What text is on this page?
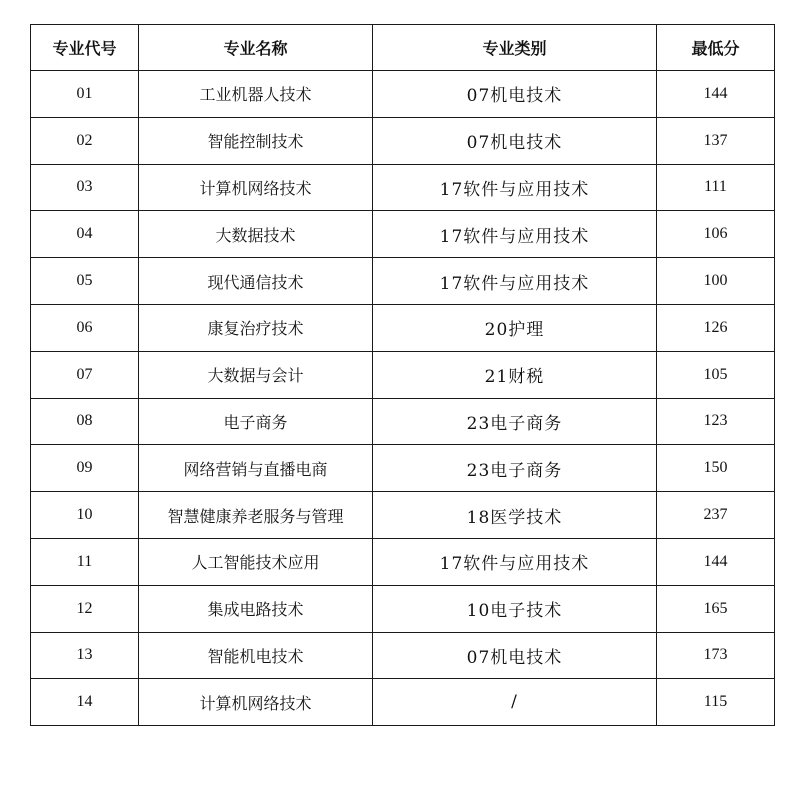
专业代号	专业名称	专业类别	最低分
01	工业机器人技术	07机电技术	144
02	智能控制技术	07机电技术	137
03	计算机网络技术	17软件与应用技术	111
04	大数据技术	17软件与应用技术	106
05	现代通信技术	17软件与应用技术	100
06	康复治疗技术	20护理	126
07	大数据与会计	21财税	105
08	电子商务	23电子商务	123
09	网络营销与直播电商	23电子商务	150
10	智慧健康养老服务与管理	18医学技术	237
11	人工智能技术应用	17软件与应用技术	144
12	集成电路技术	10电子技术	165
13	智能机电技术	07机电技术	173
14	计算机网络技术	/	115
